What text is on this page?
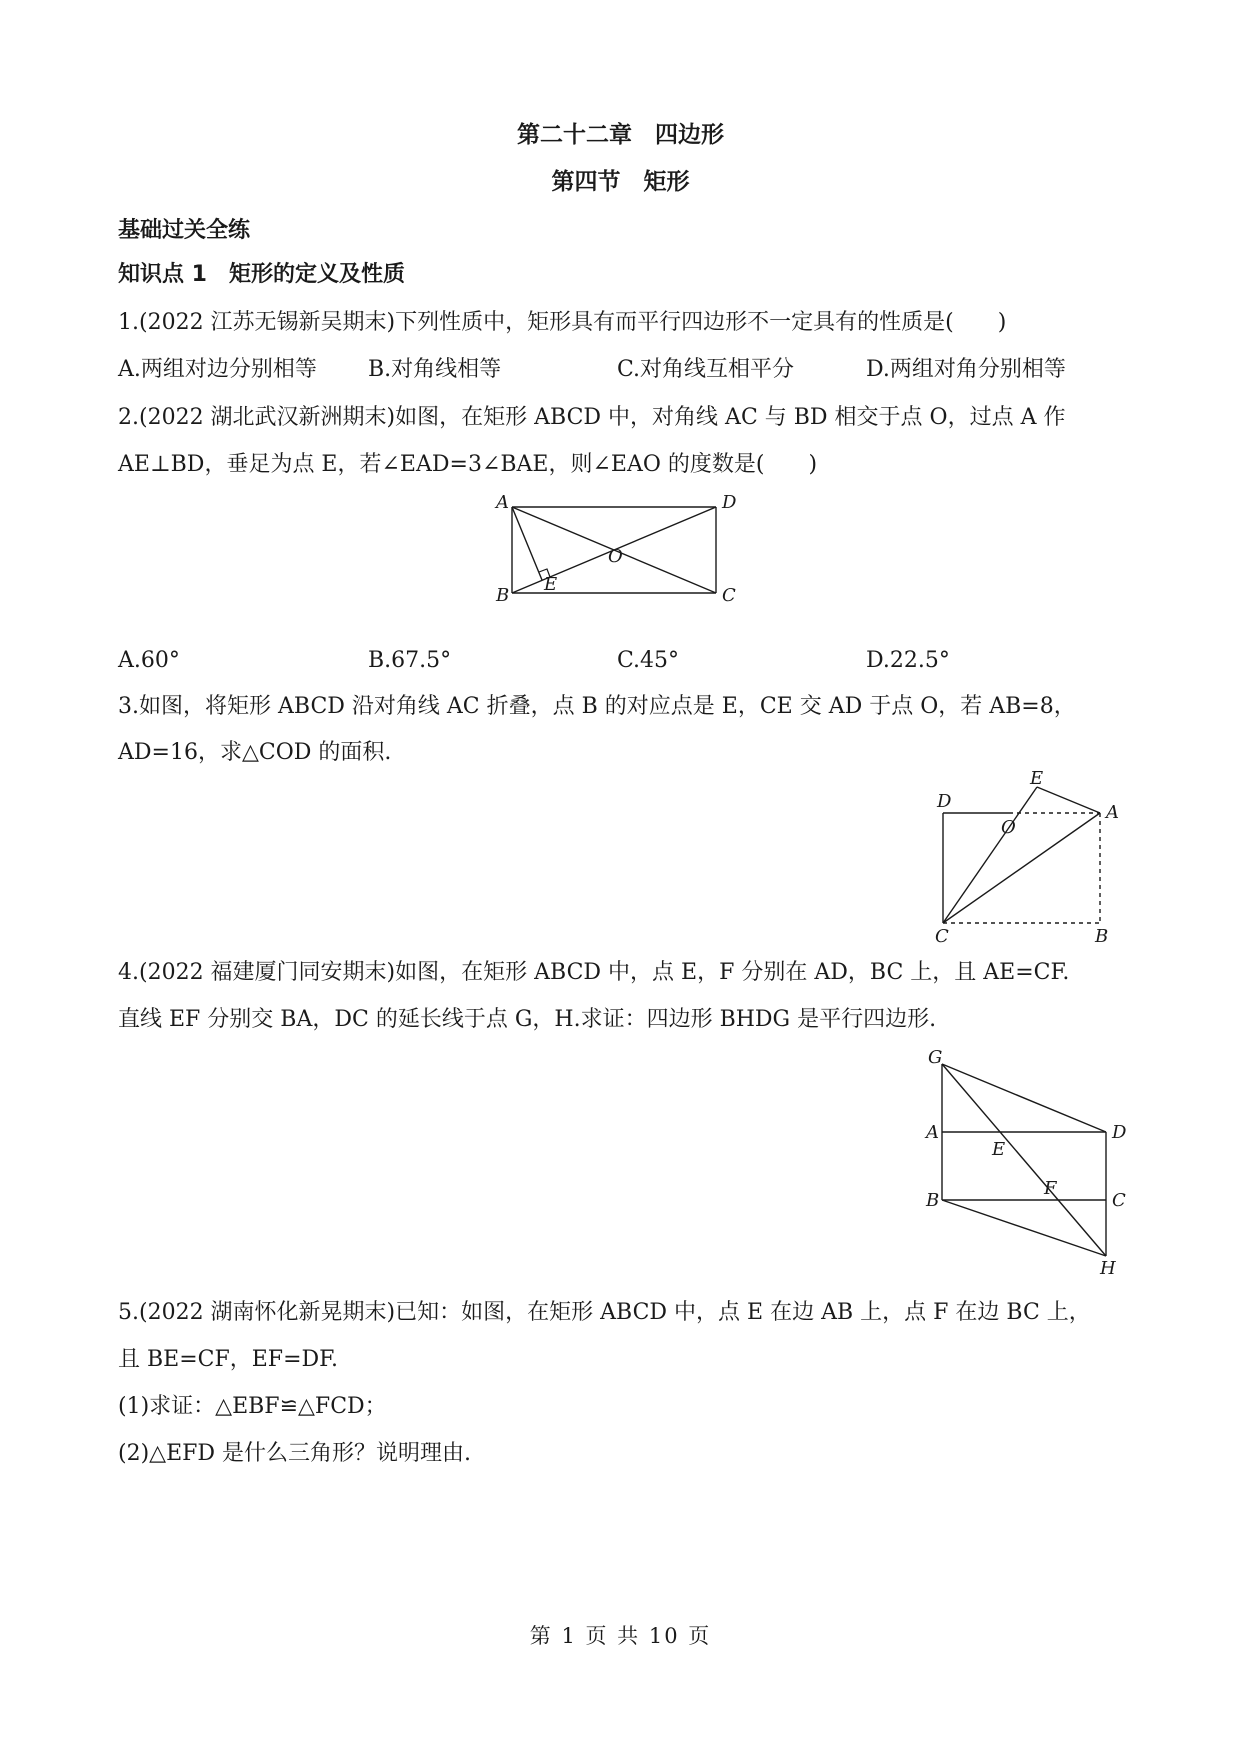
第二十二章　四边形
第四节　矩形
基础过关全练
知识点 1　矩形的定义及性质
1.(2022 江苏无锡新吴期末)下列性质中，矩形具有而平行四边形不一定具有的性质是(　　)
A.两组对边分别相等 B.对角线相等	C.对角线互相平分	D.两组对角分别相等
2.(2022 湖北武汉新洲期末)如图，在矩形 ABCD 中，对角线 AC 与 BD 相交于点 O，过点 A 作
AE⊥BD，垂足为点 E，若∠EAD=3∠BAE，则∠EAO 的度数是(　　)
A	D
B	C
E
O
A.60°	B.67.5°	C.45°	D.22.5°
3.如图，将矩形 ABCD 沿对角线 AC 折叠，点 B 的对应点是 E，CE 交 AD 于点 O，若 AB=8，
AD=16，求△COD 的面积.
E
D
O
A
C	B
4.(2022 福建厦门同安期末)如图，在矩形 ABCD 中，点 E，F 分别在 AD，BC 上，且 AE=CF.
直线 EF 分别交 BA，DC 的延长线于点 G，H.求证：四边形 BHDG 是平行四边形.
G
A	D
E
F
B	C
H
5.(2022 湖南怀化新晃期末)已知：如图，在矩形 ABCD 中，点 E 在边 AB 上，点 F 在边 BC 上，
且 BE=CF，EF=DF.
(1)求证：△EBF≌△FCD；
(2)△EFD 是什么三角形？说明理由.
第 1 页 共 10 页
